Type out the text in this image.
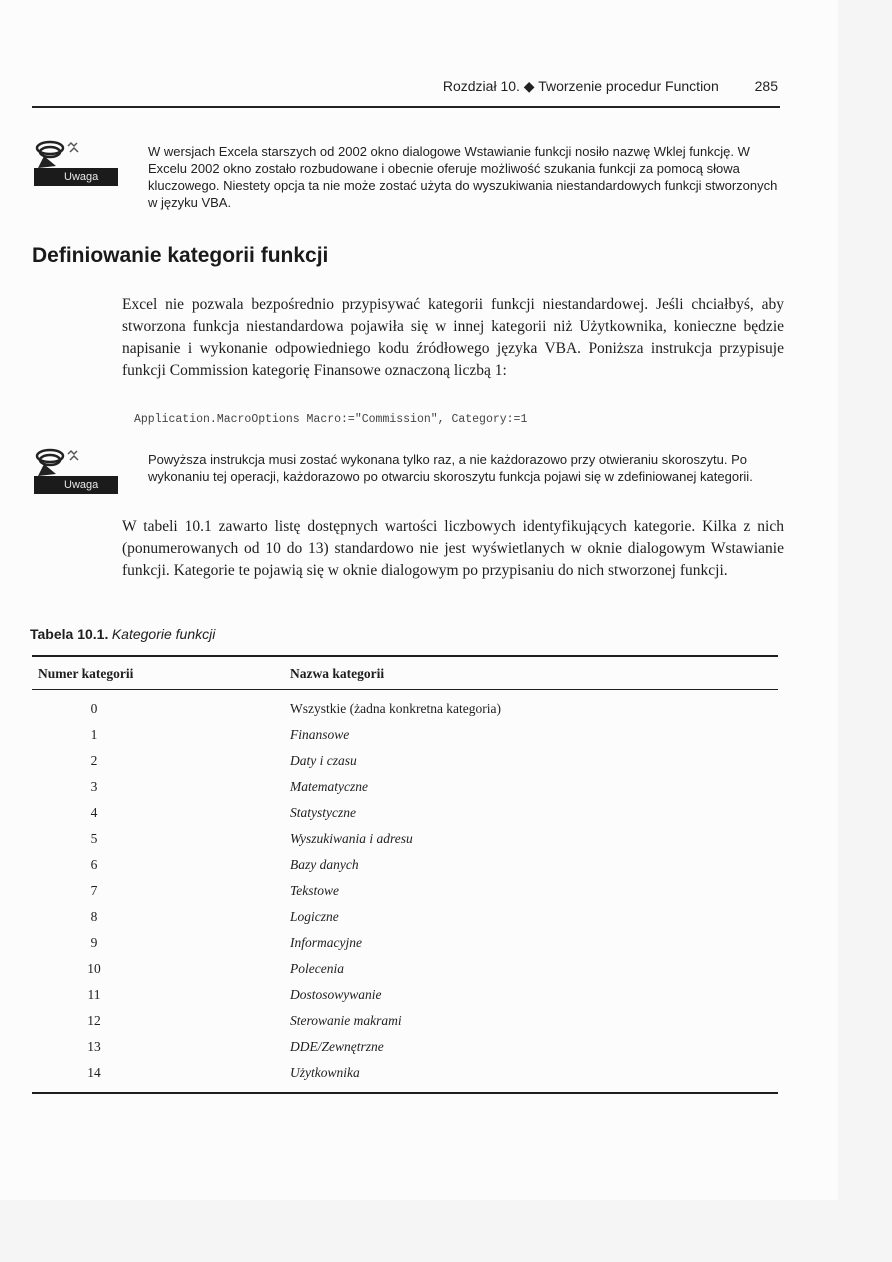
Rozdział 10. ◆ Tworzenie procedur Function	285
Uwaga
W wersjach Excela starszych od 2002 okno dialogowe Wstawianie funkcji nosiło nazwę Wklej funkcję. W Excelu 2002 okno zostało rozbudowane i obecnie oferuje możliwość szukania funkcji za pomocą słowa kluczowego. Niestety opcja ta nie może zostać użyta do wyszukiwania niestandardowych funkcji stworzonych w języku VBA.
Definiowanie kategorii funkcji

Excel nie pozwala bezpośrednio przypisywać kategorii funkcji niestandardowej. Jeśli chciałbyś, aby stworzona funkcja niestandardowa pojawiła się w innej kategorii niż Użytkownika, konieczne będzie napisanie i wykonanie odpowiedniego kodu źródłowego języka VBA. Poniższa instrukcja przypisuje funkcji Commission kategorię Finansowe oznaczoną liczbą 1:

Application.MacroOptions Macro:="Commission", Category:=1
Uwaga
Powyższa instrukcja musi zostać wykonana tylko raz, a nie każdorazowo przy otwieraniu skoroszytu. Po wykonaniu tej operacji, każdorazowo po otwarciu skoroszytu funkcja pojawi się w zdefiniowanej kategorii.

W tabeli 10.1 zawarto listę dostępnych wartości liczbowych identyfikujących kategorie. Kilka z nich (ponumerowanych od 10 do 13) standardowo nie jest wyświetlanych w oknie dialogowym Wstawianie funkcji. Kategorie te pojawią się w oknie dialogowym po przypisaniu do nich stworzonej funkcji.

Tabela 10.1. Kategorie funkcji
Numer kategorii	Nazwa kategorii
0	Wszystkie (żadna konkretna kategoria)
1	Finansowe
2	Daty i czasu
3	Matematyczne
4	Statystyczne
5	Wyszukiwania i adresu
6	Bazy danych
7	Tekstowe
8	Logiczne
9	Informacyjne
10	Polecenia
11	Dostosowywanie
12	Sterowanie makrami
13	DDE/Zewnętrzne
14	Użytkownika
